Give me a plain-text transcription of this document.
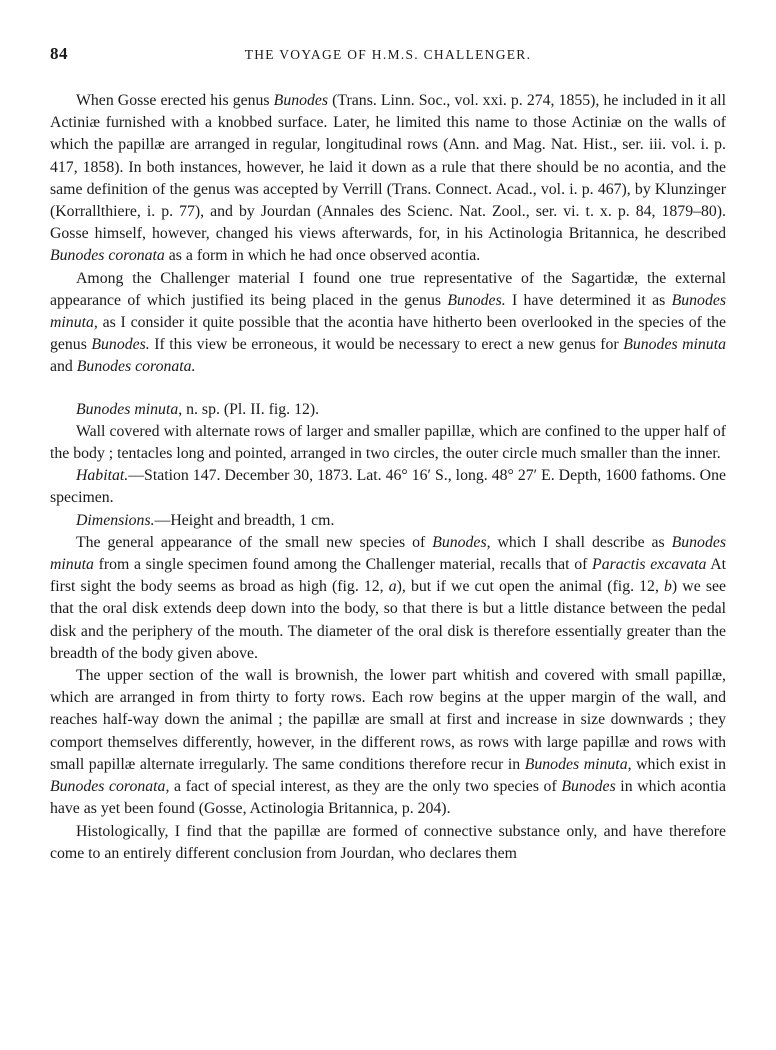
84	THE VOYAGE OF H.M.S. CHALLENGER.

When Gosse erected his genus Bunodes (Trans. Linn. Soc., vol. xxi. p. 274, 1855), he included in it all Actiniæ furnished with a knobbed surface. Later, he limited this name to those Actiniæ on the walls of which the papillæ are arranged in regular, longitudinal rows (Ann. and Mag. Nat. Hist., ser. iii. vol. i. p. 417, 1858). In both instances, however, he laid it down as a rule that there should be no acontia, and the same definition of the genus was accepted by Verrill (Trans. Connect. Acad., vol. i. p. 467), by Klunzinger (Korrallthiere, i. p. 77), and by Jourdan (Annales des Scienc. Nat. Zool., ser. vi. t. x. p. 84, 1879–80). Gosse himself, however, changed his views afterwards, for, in his Actinologia Britannica, he described Bunodes coronata as a form in which he had once observed acontia.

Among the Challenger material I found one true representative of the Sagartidæ, the external appearance of which justified its being placed in the genus Bunodes. I have determined it as Bunodes minuta, as I consider it quite possible that the acontia have hitherto been overlooked in the species of the genus Bunodes. If this view be erroneous, it would be necessary to erect a new genus for Bunodes minuta and Bunodes coronata.

Bunodes minuta, n. sp. (Pl. II. fig. 12).

Wall covered with alternate rows of larger and smaller papillæ, which are confined to the upper half of the body ; tentacles long and pointed, arranged in two circles, the outer circle much smaller than the inner.

Habitat.—Station 147. December 30, 1873. Lat. 46° 16′ S., long. 48° 27′ E. Depth, 1600 fathoms. One specimen.

Dimensions.—Height and breadth, 1 cm.

The general appearance of the small new species of Bunodes, which I shall describe as Bunodes minuta from a single specimen found among the Challenger material, recalls that of Paractis excavata At first sight the body seems as broad as high (fig. 12, a), but if we cut open the animal (fig. 12, b) we see that the oral disk extends deep down into the body, so that there is but a little distance between the pedal disk and the periphery of the mouth. The diameter of the oral disk is therefore essentially greater than the breadth of the body given above.

The upper section of the wall is brownish, the lower part whitish and covered with small papillæ, which are arranged in from thirty to forty rows. Each row begins at the upper margin of the wall, and reaches half-way down the animal ; the papillæ are small at first and increase in size downwards ; they comport themselves differently, however, in the different rows, as rows with large papillæ and rows with small papillæ alternate irregularly. The same conditions therefore recur in Bunodes minuta, which exist in Bunodes coronata, a fact of special interest, as they are the only two species of Bunodes in which acontia have as yet been found (Gosse, Actinologia Britannica, p. 204).

Histologically, I find that the papillæ are formed of connective substance only, and have therefore come to an entirely different conclusion from Jourdan, who declares them
